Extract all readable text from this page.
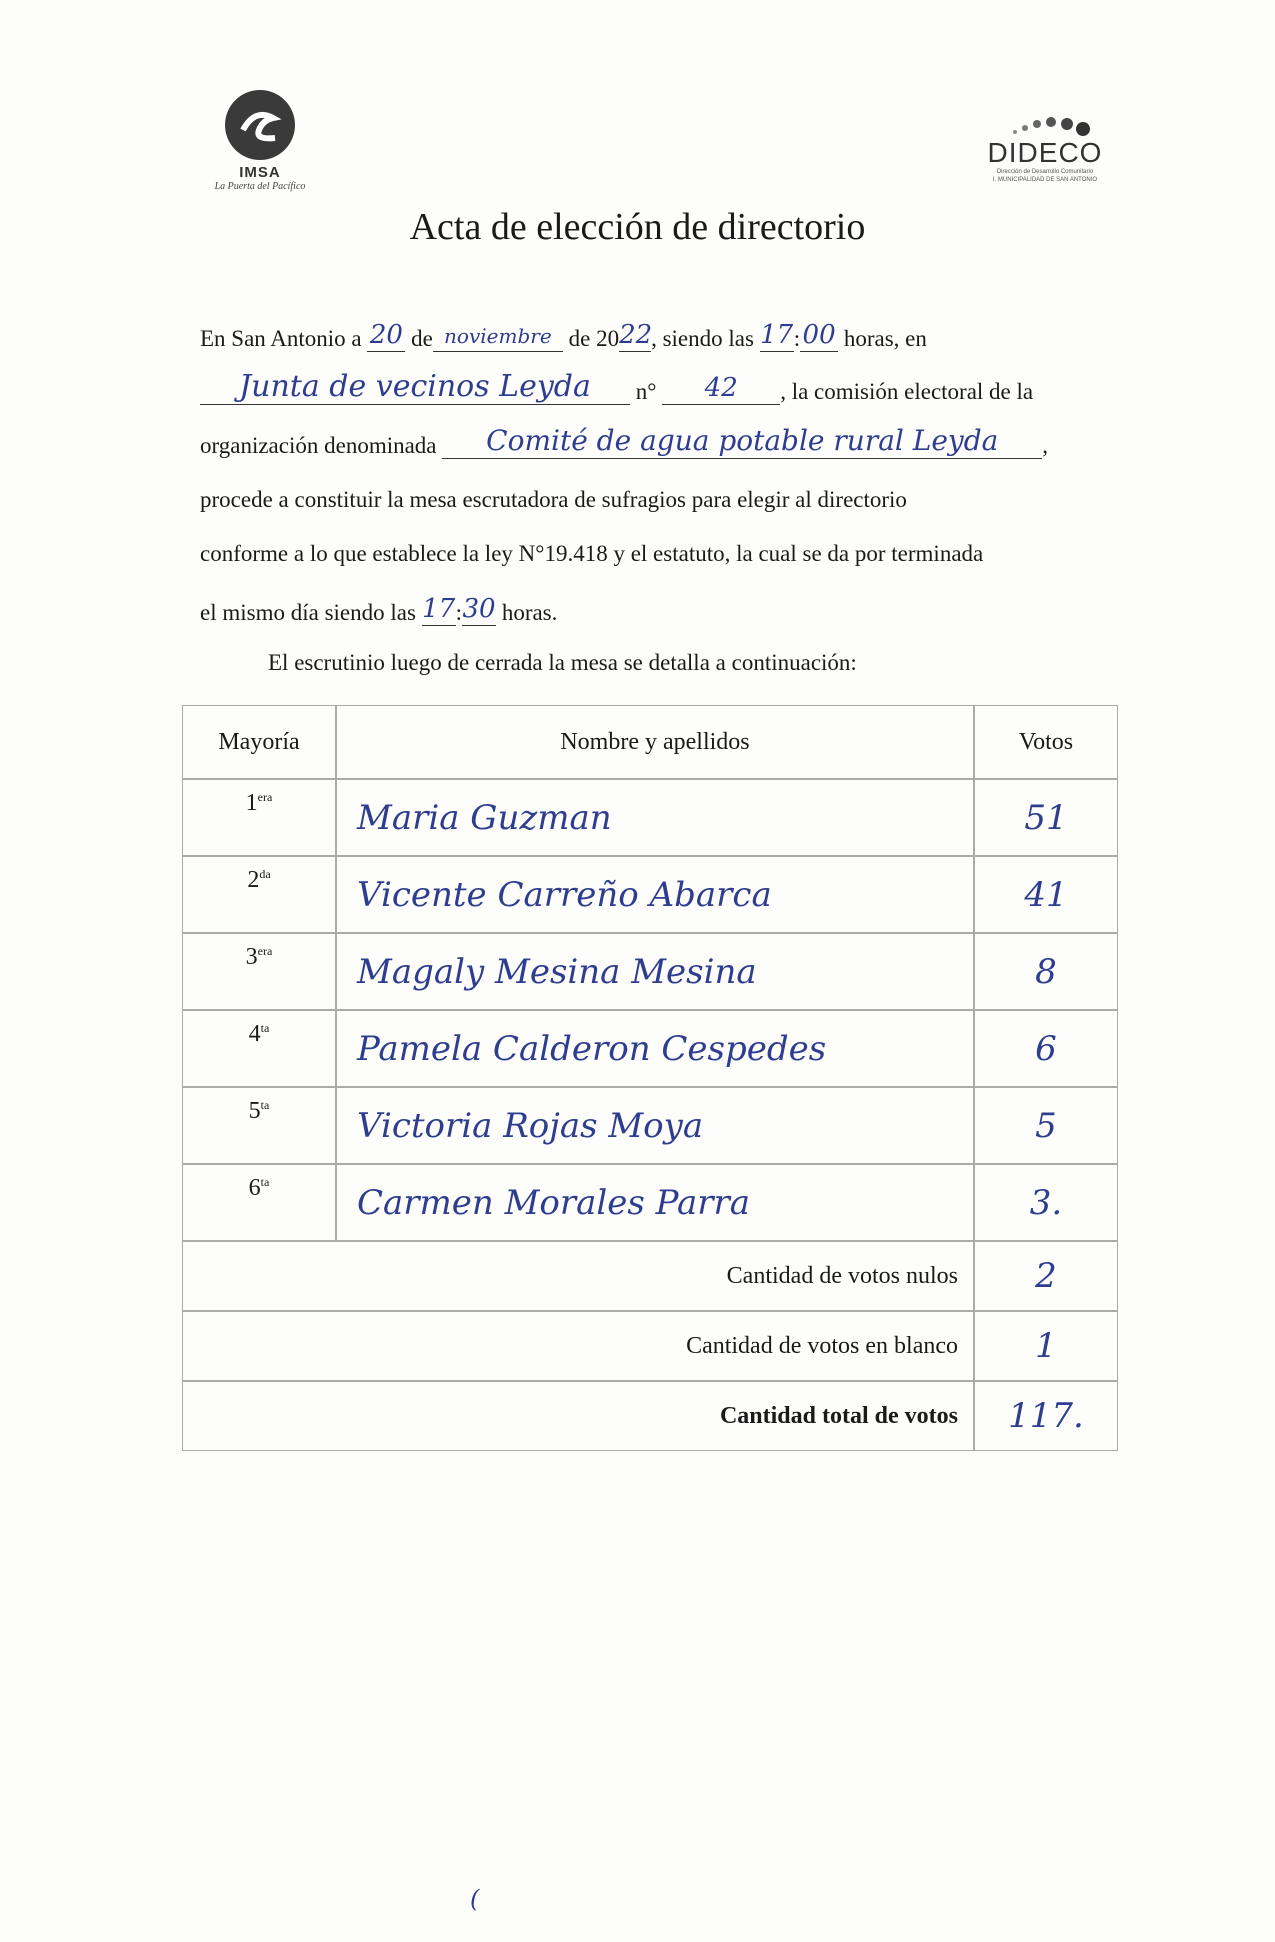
IMSA
La Puerta del Pacífico
DIDECO
Dirección de Desarrollo Comunitario
I. MUNICIPALIDAD DE SAN ANTONIO
Acta de elección de directorio
En San Antonio a 20 de noviembre de 2022, siendo las 17:00 horas, en
Junta de vecinos Leyda n° 42 , la comisión electoral de la
organización denominada Comité de agua potable rural Leyda ,
procede a constituir la mesa escrutadora de sufragios para elegir al directorio
conforme a lo que establece la ley N°19.418 y el estatuto, la cual se da por terminada
el mismo día siendo las 17:30 horas.
El escrutinio luego de cerrada la mesa se detalla a continuación:
Mayoría	Nombre y apellidos	Votos
$1^{era}$	Maria Guzman	51
$2^{da}$	Vicente Carreño Abarca	41
$3^{era}$	Magaly Mesina Mesina	8
$4^{ta}$	Pamela Calderon Cespedes	6
$5^{ta}$	Victoria Rojas Moya	5
$6^{ta}$	Carmen Morales Parra	3.
Cantidad de votos nulos		2
Cantidad de votos en blanco		1
Cantidad total de votos		117.
(
